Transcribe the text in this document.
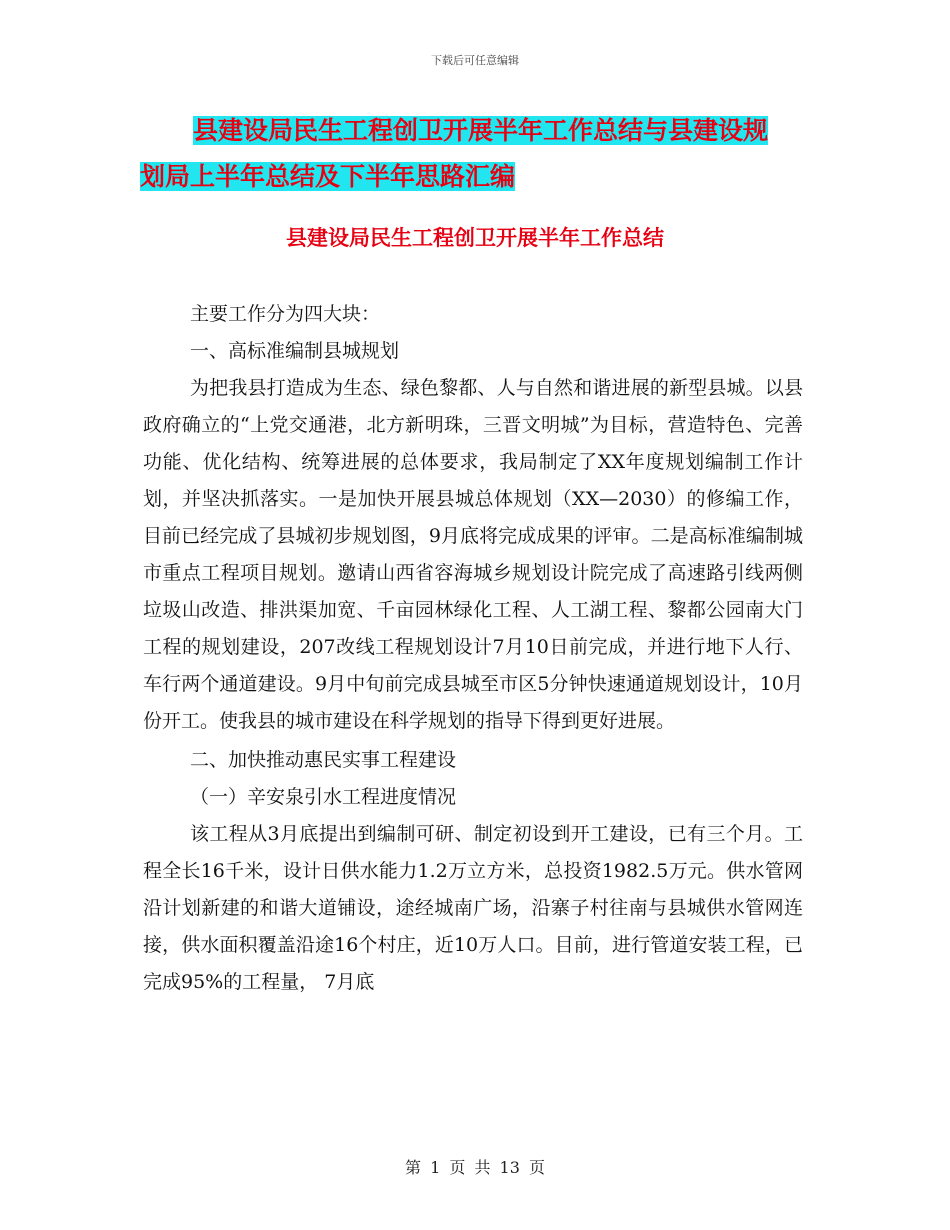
下载后可任意编辑
县建设局民生工程创卫开展半年工作总结与县建设规
划局上半年总结及下半年思路汇编
县建设局民生工程创卫开展半年工作总结

主要工作分为四大块：

一、高标准编制县城规划

为把我县打造成为生态、绿色黎都、人与自然和谐进展的新型县城。以县政府确立的“上党交通港，北方新明珠，三晋文明城”为目标，营造特色、完善功能、优化结构、统筹进展的总体要求，我局制定了XX年度规划编制工作计划，并坚决抓落实。一是加快开展县城总体规划（XX—2030）的修编工作，目前已经完成了县城初步规划图，9月底将完成成果的评审。二是高标准编制城市重点工程项目规划。邀请山西省容海城乡规划设计院完成了高速路引线两侧垃圾山改造、排洪渠加宽、千亩园林绿化工程、人工湖工程、黎都公园南大门工程的规划建设，207改线工程规划设计7月10日前完成，并进行地下人行、车行两个通道建设。9月中旬前完成县城至市区5分钟快速通道规划设计，10月份开工。使我县的城市建设在科学规划的指导下得到更好进展。

二、加快推动惠民实事工程建设

（一）辛安泉引水工程进度情况

该工程从3月底提出到编制可研、制定初设到开工建设，已有三个月。工程全长16千米，设计日供水能力1.2万立方米，总投资1982.5万元。供水管网沿计划新建的和谐大道铺设，途经城南广场，沿寨子村往南与县城供水管网连接，供水面积覆盖沿途16个村庄，近10万人口。目前，进行管道安装工程，已完成95%的工程量， 7月底

第 1 页 共 13 页
